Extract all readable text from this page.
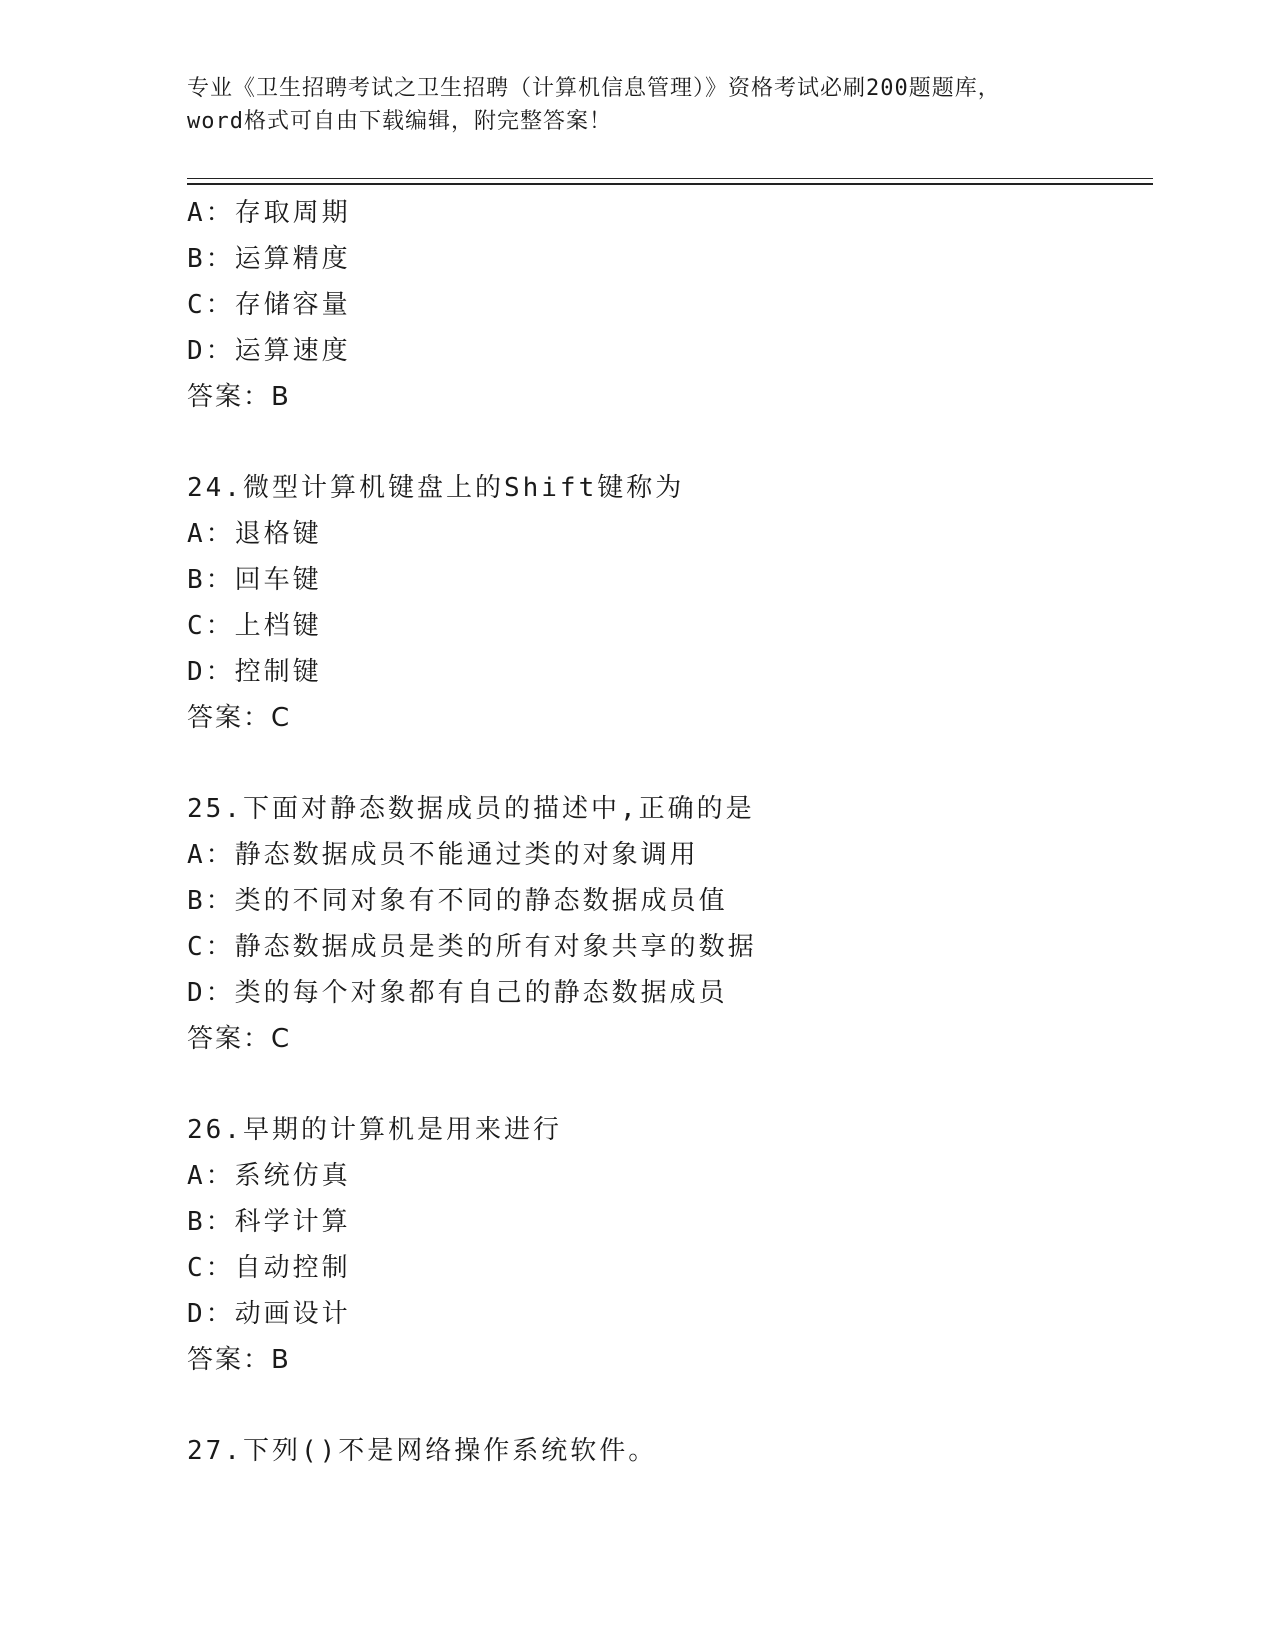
专业《卫生招聘考试之卫生招聘（计算机信息管理）》资格考试必刷200题题库，
word格式可自由下载编辑，附完整答案！
A：存取周期
B：运算精度
C：存储容量
D：运算速度
答案：B
24.微型计算机键盘上的Shift键称为
A：退格键
B：回车键
C：上档键
D：控制键
答案：C
25.下面对静态数据成员的描述中,正确的是
A：静态数据成员不能通过类的对象调用
B：类的不同对象有不同的静态数据成员值
C：静态数据成员是类的所有对象共享的数据
D：类的每个对象都有自己的静态数据成员
答案：C
26.早期的计算机是用来进行
A：系统仿真
B：科学计算
C：自动控制
D：动画设计
答案：B
27.下列()不是网络操作系统软件。
